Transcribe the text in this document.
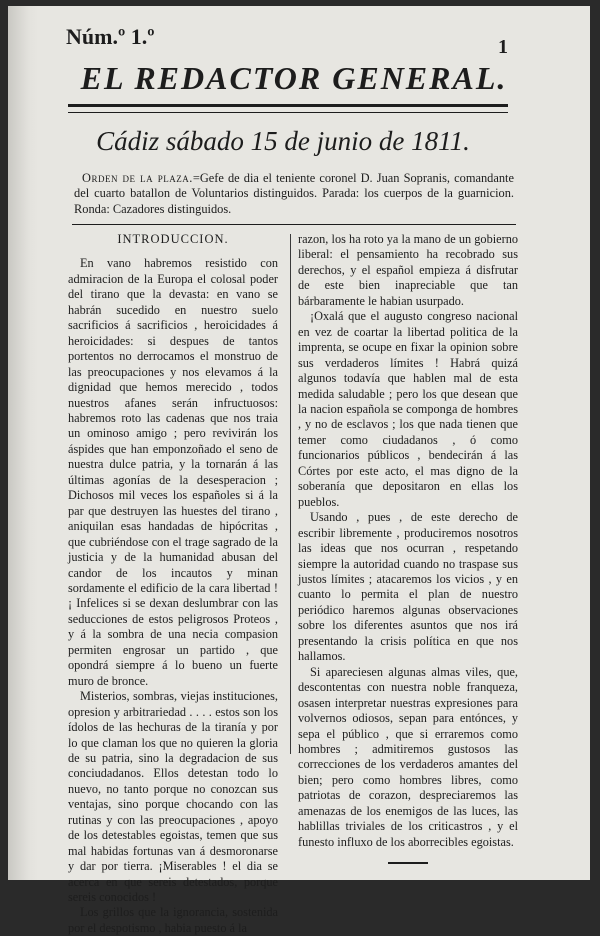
Núm.º 1.º	1
EL REDACTOR GENERAL.
Cádiz sábado 15 de junio de 1811.
Orden de la plaza.=Gefe de dia el teniente coronel D. Juan Sopranis, comandante del cuarto batallon de Voluntarios distinguidos. Parada: los cuerpos de la guarnicion. Ronda: Cazadores distinguidos.
INTRODUCCION.

En vano habremos resistido con admiracion de la Europa el colosal poder del tirano que la devasta: en vano se habrán sucedido en nuestro suelo sacrificios á sacrificios , heroicidades á heroicidades: si despues de tantos portentos no derrocamos el monstruo de las preocupaciones y nos elevamos á la dignidad que hemos merecido , todos nuestros afanes serán infructuosos: habremos roto las cadenas que nos traia un ominoso amigo ; pero revivirán los áspides que han emponzoñado el seno de nuestra dulce patria, y la tornarán á las últimas agonías de la desesperacion ; Dichosos mil veces los españoles si á la par que destruyen las huestes del tirano , aniquilan esas handadas de hipócritas , que cubriéndose con el trage sagrado de la justicia y de la humanidad abusan del candor de los incautos y minan sordamente el edificio de la cara libertad ! ¡ Infelices si se dexan deslumbrar con las seducciones de estos peligrosos Proteos , y á la sombra de una necia compasion permiten engrosar un partido , que opondrá siempre á lo bueno un fuerte muro de bronce.

Misterios, sombras, viejas instituciones, opresion y arbitrariedad . . . . estos son los ídolos de las hechuras de la tiranía y por lo que claman los que no quieren la gloria de su patria, sino la degradacion de sus conciudadanos. Ellos detestan todo lo nuevo, no tanto porque no conozcan sus ventajas, sino porque chocando con las rutinas y con las preocupaciones , apoyo de los detestables egoistas, temen que sus mal habidas fortunas van á desmoronarse y dar por tierra. ¡Miserables ! el dia se acerca en que sereis detestados, porque sereis conocidos !

Los grillos que la ignorancia, sostenida por el despotismo , habia puesto á la

razon, los ha roto ya la mano de un gobierno liberal: el pensamiento ha recobrado sus derechos, y el español empieza á disfrutar de este bien inapreciable que tan bárbaramente le habian usurpado.

¡Oxalá que el augusto congreso nacional en vez de coartar la libertad politica de la imprenta, se ocupe en fixar la opinion sobre sus verdaderos límites ! Habrá quizá algunos todavía que hablen mal de esta medida saludable ; pero los que desean que la nacion española se componga de hombres , y no de esclavos ; los que nada tienen que temer como ciudadanos , ó como funcionarios públicos , bendecirán á las Córtes por este acto, el mas digno de la soberanía que depositaron en ellas los pueblos.

Usando , pues , de este derecho de escribir libremente , produciremos nosotros las ideas que nos ocurran , respetando siempre la autoridad cuando no traspase sus justos límites ; atacaremos los vicios , y en cuanto lo permita el plan de nuestro periódico haremos algunas observaciones sobre los diferentes asuntos que nos irá presentando la crisis política en que nos hallamos.

Si apareciesen algunas almas viles, que, descontentas con nuestra noble franqueza, osasen interpretar nuestras expresiones para volvernos odiosos, sepan para entónces, y sepa el público , que si erraremos como hombres ; admitiremos gustosos las correcciones de los verdaderos amantes del bien; pero como hombres libres, como patriotas de corazon, despreciaremos las amenazas de los enemigos de las luces, las hablillas triviales de los criticastros , y el funesto influxo de los aborrecibles egoistas.
